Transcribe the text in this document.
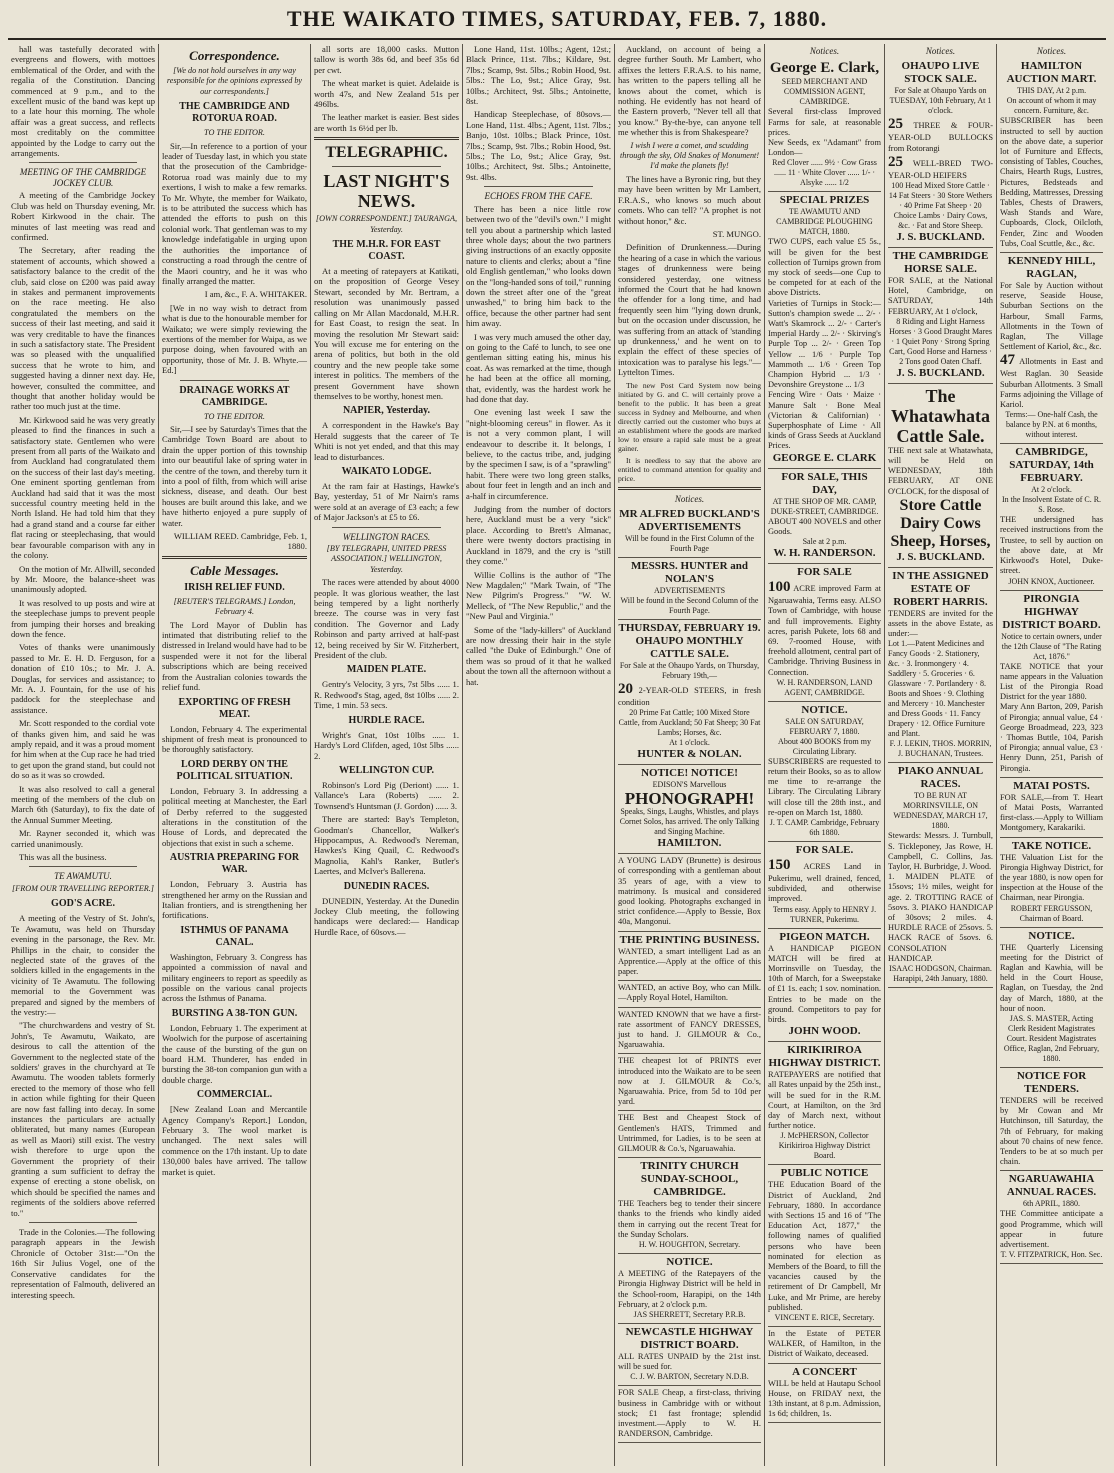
THE WAIKATO TIMES, SATURDAY, FEB. 7, 1880.

hall was tastefully decorated with evergreens and flowers, with mottoes emblematical of the Order, and with the regalia of the Constitution. Dancing commenced at 9 p.m., and to the excellent music of the band was kept up to a late hour this morning. The whole affair was a great success, and reflects most creditably on the committee appointed by the Lodge to carry out the arrangements.

MEETING OF THE CAMBRIDGE JOCKEY CLUB.

A meeting of the Cambridge Jockey Club was held on Thursday evening, Mr. Robert Kirkwood in the chair. The minutes of last meeting was read and confirmed.

The Secretary, after reading the statement of accounts, which showed a satisfactory balance to the credit of the club, said close on £200 was paid away in stakes and permanent improvements on the race meeting. He also congratulated the members on the success of their last meeting, and said it was very creditable to have the finances in such a satisfactory state. The President was so pleased with the unqualified success that he wrote to him, and suggested having a dinner next day. He, however, consulted the committee, and thought that another holiday would be rather too much just at the time.

Mr. Kirkwood said he was very greatly pleased to find the finances in such a satisfactory state. Gentlemen who were present from all parts of the Waikato and from Auckland had congratulated them on the success of their last day's meeting. One eminent sporting gentleman from Auckland had said that it was the most successful country meeting held in the North Island. He had told him that they had a grand stand and a course far either flat racing or steeplechasing, that would bear favourable comparison with any in the colony.

On the motion of Mr. Allwill, seconded by Mr. Moore, the balance-sheet was unanimously adopted.

It was resolved to up posts and wire at the steeplechase jumps to prevent people from jumping their horses and breaking down the fence.

Votes of thanks were unanimously passed to Mr. E. H. D. Ferguson, for a donation of £10 10s.; to Mr. J. A. Douglas, for services and assistance; to Mr. A. J. Fountain, for the use of his paddock for the steeplechase and assistance.

Mr. Scott responded to the cordial vote of thanks given him, and said he was amply repaid, and it was a proud moment for him when at the Cup race he had tried to get upon the grand stand, but could not do so as it was so crowded.

It was also resolved to call a general meeting of the members of the club on March 6th (Saturday), to fix the date of the Annual Summer Meeting.

Mr. Rayner seconded it, which was carried unanimously.

This was all the business.

TE AWAMUTU.
[FROM OUR TRAVELLING REPORTER.]
GOD'S ACRE.

A meeting of the Vestry of St. John's, Te Awamutu, was held on Thursday evening in the parsonage, the Rev. Mr. Phillips in the chair, to consider the neglected state of the graves of the soldiers killed in the engagements in the vicinity of Te Awamutu. The following memorial to the Government was prepared and signed by the members of the vestry:—

"The churchwardens and vestry of St. John's, Te Awamutu, Waikato, are desirous to call the attention of the Government to the neglected state of the soldiers' graves in the churchyard at Te Awamutu. The wooden tablets formerly erected to the memory of those who fell in action while fighting for their Queen are now fast falling into decay. In some instances the particulars are actually obliterated, but many names (European as well as Maori) still exist. The vestry wish therefore to urge upon the Government the propriety of their granting a sum sufficient to defray the expense of erecting a stone obelisk, on which should be specified the names and regiments of the soldiers above referred to."

Trade in the Colonies.—The following paragraph appears in the Jewish Chronicle of October 31st:—"On the 16th Sir Julius Vogel, one of the Conservative candidates for the representation of Falmouth, delivered an interesting speech.

Correspondence.
[We do not hold ourselves in any way responsible for the opinions expressed by our correspondents.]
THE CAMBRIDGE AND ROTORUA ROAD.
TO THE EDITOR.

Sir,—In reference to a portion of your leader of Tuesday last, in which you state that the prosecution of the Cambridge-Rotorua road was mainly due to my exertions, I wish to make a few remarks. To Mr. Whyte, the member for Waikato, is to be attributed the success which has attended the efforts to push on this colonial work. That gentleman was to my knowledge indefatigable in urging upon the authorities the importance of constructing a road through the centre of the Maori country, and he it was who finally arranged the matter.

I am, &c., F. A. WHITAKER.

[We in no way wish to detract from what is due to the honourable member for Waikato; we were simply reviewing the exertions of the member for Waipa, as we purpose doing, when favoured with an opportunity, those of Mr. J. B. Whyte.—Ed.]

DRAINAGE WORKS AT CAMBRIDGE.
TO THE EDITOR.

Sir,—I see by Saturday's Times that the Cambridge Town Board are about to drain the upper portion of this township into our beautiful lake of spring water in the centre of the town, and thereby turn it into a pool of filth, from which will arise sickness, disease, and death. Our best houses are built around this lake, and we have hitherto enjoyed a pure supply of water.

WILLIAM REED. Cambridge, Feb. 1, 1880.

Cable Messages.
IRISH RELIEF FUND.
[REUTER'S TELEGRAMS.] London, February 4.

The Lord Mayor of Dublin has intimated that distributing relief to the distressed in Ireland would have had to be suspended were it not for the liberal subscriptions which are being received from the Australian colonies towards the relief fund.

EXPORTING OF FRESH MEAT.

London, February 4. The experimental shipment of fresh meat is pronounced to be thoroughly satisfactory.

LORD DERBY ON THE POLITICAL SITUATION.

London, February 3. In addressing a political meeting at Manchester, the Earl of Derby referred to the suggested alterations in the constitution of the House of Lords, and deprecated the objections that exist in such a scheme.

AUSTRIA PREPARING FOR WAR.

London, February 3. Austria has strengthened her army on the Russian and Italian frontiers, and is strengthening her fortifications.

ISTHMUS OF PANAMA CANAL.

Washington, February 3. Congress has appointed a commission of naval and military engineers to report as speedily as possible on the various canal projects across the Isthmus of Panama.

BURSTING A 38-TON GUN.

London, February 1. The experiment at Woolwich for the purpose of ascertaining the cause of the bursting of the gun on board H.M. Thunderer, has ended in bursting the 38-ton companion gun with a double charge.

COMMERCIAL.

[New Zealand Loan and Mercantile Agency Company's Report.] London, February 3. The wool market is unchanged. The next sales will commence on the 17th instant. Up to date 130,000 bales have arrived. The tallow market is quiet.

all sorts are 18,000 casks. Mutton tallow is worth 38s 6d, and beef 35s 6d per cwt.

The wheat market is quiet. Adelaide is worth 47s, and New Zealand 51s per 496lbs.

The leather market is easier. Best sides are worth 1s 6½d per lb.

TELEGRAPHIC.
LAST NIGHT'S NEWS.
[OWN CORRESPONDENT.] TAURANGA, Yesterday.
THE M.H.R. FOR EAST COAST.

At a meeting of ratepayers at Katikati, on the proposition of George Vesey Stewart, seconded by Mr. Bertram, a resolution was unanimously passed calling on Mr Allan Macdonald, M.H.R. for East Coast, to resign the seat. In moving the resolution Mr Stewart said: You will excuse me for entering on the arena of politics, but both in the old country and the new people take some interest in politics. The members of the present Government have shown themselves to be worthy, honest men.

NAPIER, Yesterday.

A correspondent in the Hawke's Bay Herald suggests that the career of Te Whiti is not yet ended, and that this may lead to disturbances.

WAIKATO LODGE.

At the ram fair at Hastings, Hawke's Bay, yesterday, 51 of Mr Nairn's rams were sold at an average of £3 each; a few of Major Jackson's at £5 to £6.

WELLINGTON RACES.
[BY TELEGRAPH, UNITED PRESS ASSOCIATION.] WELLINGTON, Yesterday.

The races were attended by about 4000 people. It was glorious weather, the last being tempered by a light northerly breeze. The course was in very fast condition. The Governor and Lady Robinson and party arrived at half-past 12, being received by Sir W. Fitzherbert, President of the club.

MAIDEN PLATE.

Gentry's Velocity, 3 yrs, 7st 5lbs ...... 1. R. Redwood's Stag, aged, 8st 10lbs ...... 2. Time, 1 min. 53 secs.

HURDLE RACE.

Wright's Gnat, 10st 10lbs ...... 1. Hardy's Lord Clifden, aged, 10st 5lbs ...... 2.

WELLINGTON CUP.

Robinson's Lord Pig (Deriont) ...... 1. Vallance's Lara (Roberts) ...... 2. Townsend's Huntsman (J. Gordon) ...... 3.

There are started: Bay's Templeton, Goodman's Chancellor, Walker's Hippocampus, A. Redwood's Nereman, Hawkes's King Quail, C. Redwood's Magnolia, Kahl's Ranker, Butler's Laertes, and McIver's Ballerena.

DUNEDIN RACES.

DUNEDIN, Yesterday. At the Dunedin Jockey Club meeting, the following handicaps were declared:— Handicap Hurdle Race, of 60sovs.—

Lone Hand, 11st. 10lbs.; Agent, 12st.; Black Prince, 11st. 7lbs.; Kildare, 9st. 7lbs.; Scamp, 9st. 5lbs.; Robin Hood, 9st. 5lbs.: The Lo, 9st.; Alice Gray, 9st. 10lbs.; Architect, 9st. 5lbs.; Antoinette, 8st.

Handicap Steeplechase, of 80sovs.— Lone Hand, 11st. 4lbs.; Agent, 11st. 7lbs.; Banjo, 10st. 10lbs.; Black Prince, 10st. 7lbs.; Scamp, 9st. 7lbs.; Robin Hood, 9st. 5lbs.; The Lo, 9st.; Alice Gray, 9st. 10lbs.; Architect, 9st. 5lbs.; Antoinette, 9st. 4lbs.

ECHOES FROM THE CAFE.

There has been a nice little row between two of the "devil's own." I might tell you about a partnership which lasted three whole days; about the two partners giving instructions of an exactly opposite nature to clients and clerks; about a "fine old English gentleman," who looks down on the "long-handed sons of toil," running down the street after one of the "great unwashed," to bring him back to the office, because the other partner had sent him away.

I was very much amused the other day, on going to the Café to lunch, to see one gentleman sitting eating his, minus his coat. As was remarked at the time, though he had been at the office all morning, that, evidently, was the hardest work he had done that day.

One evening last week I saw the "night-blooming cereus" in flower. As it is not a very common plant, I will endeavour to describe it. It belongs, I believe, to the cactus tribe, and, judging by the specimen I saw, is of a "sprawling" habit. There were two long green stalks, about four feet in length and an inch and a-half in circumference.

Judging from the number of doctors here, Auckland must be a very "sick" place. According to Brett's Almanac, there were twenty doctors practising in Auckland in 1879, and the cry is "still they come."

Willie Collins is the author of "The New Magdalen;" "Mark Twain, of "The New Pilgrim's Progress." "W. W. Melleck, of "The New Republic," and the "New Paul and Virginia."

Some of the "lady-killers" of Auckland are now dressing their hair in the style called "the Duke of Edinburgh." One of them was so proud of it that he walked about the town all the afternoon without a hat.

Auckland, on account of being a degree further South. Mr Lambert, who affixes the letters F.R.A.S. to his name, has written to the papers telling all he knows about the comet, which is nothing. He evidently has not heard of the Eastern proverb, "Never tell all that you know." By-the-bye, can anyone tell me whether this is from Shakespeare?

I wish I were a comet, and scudding through the sky, Old Snakes of Monument! I'd make the planets fly!

The lines have a Byronic ring, but they may have been written by Mr Lambert, F.R.A.S., who knows so much about comets. Who can tell? "A prophet is not without honor," &c.

ST. MUNGO.

Definition of Drunkenness.—During the hearing of a case in which the various stages of drunkenness were being considered yesterday, one witness informed the Court that he had known the offender for a long time, and had frequently seen him "lying down drunk, but on the occasion under discussion, he was suffering from an attack of 'standing up drunkenness,' and he went on to explain the effect of these species of intoxication was to paralyse his legs."—Lyttelton Times.

The new Post Card System now being initiated by G. and C. will certainly prove a benefit to the public. It has been a great success in Sydney and Melbourne, and when directly carried out the customer who buys at an establishment where the goods are marked low to ensure a rapid sale must be a great gainer.

It is needless to say that the above are entitled to command attention for quality and price.

Notices.
MR ALFRED BUCKLAND'S ADVERTISEMENTS
Will be found in the First Column of the Fourth Page
MESSRS. HUNTER and NOLAN'S
ADVERTISEMENTS
Will be found in the Second Column of the Fourth Page.
THURSDAY, FEBRUARY 19.
OHAUPO MONTHLY CATTLE SALE.
For Sale at the Ohaupo Yards, on Thursday, February 19th,—
20 2-YEAR-OLD STEERS, in fresh condition
20 Prime Fat Cattle; 100 Mixed Store Cattle, from Auckland; 50 Fat Sheep; 30 Fat Lambs; Horses, &c.
At 1 o'clock.
HUNTER & NOLAN.
NOTICE! NOTICE!
EDISON'S Marvellous
PHONOGRAPH!
Speaks, Sings, Laughs, Whistles, and plays Cornet Solos, has arrived. The only Talking and Singing Machine.
HAMILTON.
A YOUNG LADY (Brunette) is desirous of corresponding with a gentleman about 35 years of age, with a view to matrimony. Is musical and considered good looking. Photographs exchanged in strict confidence.—Apply to Bessie, Box 40a, Mangonui.
THE PRINTING BUSINESS.
WANTED, a smart intelligent Lad as an Apprentice.—Apply at the office of this paper.
WANTED, an active Boy, who can Milk.—Apply Royal Hotel, Hamilton.
WANTED KNOWN that we have a first-rate assortment of FANCY DRESSES, just to hand. J. GILMOUR & Co., Ngaruawahia.
THE cheapest lot of PRINTS ever introduced into the Waikato are to be seen now at J. GILMOUR & Co.'s, Ngaruawahia. Price, from 5d to 10d per yard.
THE Best and Cheapest Stock of Gentlemen's HATS, Trimmed and Untrimmed, for Ladies, is to be seen at GILMOUR & Co.'s, Ngaruawahia.
TRINITY CHURCH SUNDAY-SCHOOL, CAMBRIDGE.
THE Teachers beg to tender their sincere thanks to the friends who kindly aided them in carrying out the recent Treat for the Sunday Scholars.
H. W. HOUGHTON, Secretary.
NOTICE.
A MEETING of the Ratepayers of the Pirongia Highway District will be held in the School-room, Harapipi, on the 14th February, at 2 o'clock p.m.
JAS SHERRETT, Secretary P.R.B.
NEWCASTLE HIGHWAY DISTRICT BOARD.
ALL RATES UNPAID by the 21st inst. will be sued for.
C. J. W. BARTON, Secretary N.D.B.
FOR SALE Cheap, a first-class, thriving business in Cambridge with or without stock; £1 fast frontage; splendid investment.—Apply to W. H. RANDERSON, Cambridge.
Notices.
George E. Clark,
SEED MERCHANT AND COMMISSION AGENT, CAMBRIDGE.
Several first-class Improved Farms for sale, at reasonable prices.
New Seeds, ex "Adamant" from London—
Red Clover ...... 9½ · Cow Grass ...... 11 · White Clover ...... 1/- · Alsyke ...... 1/2
SPECIAL PRIZES
TE AWAMUTU AND CAMBRIDGE PLOUGHING MATCH, 1880.
TWO CUPS, each value £5 5s., will be given for the best collection of Turnips grown from my stock of seeds—one Cup to be competed for at each of the above Districts.
Varieties of Turnips in Stock:— Sutton's champion swede ... 2/- · Watt's Skamrock ... 2/- · Carter's Imperial Hardy ... 2/- · Skirving's Purple Top ... 2/- · Green Top Yellow ... 1/6 · Purple Top Mammoth ... 1/6 · Green Top Champion Hybrid ... 1/3 · Devonshire Greystone ... 1/3
Fencing Wire · Oats · Maize · Manure Salt · Bone Meal (Victorian & Californian) · Superphosphate of Lime · All kinds of Grass Seeds at Auckland Prices.
GEORGE E. CLARK
FOR SALE, THIS DAY,
AT THE SHOP OF MR. CAMP, DUKE-STREET, CAMBRIDGE.
ABOUT 400 NOVELS and other Goods.
Sale at 2 p.m.
W. H. RANDERSON.
FOR SALE
100 ACRE improved Farm at Ngaruawahia, Terms easy. ALSO Town of Cambridge, with house and full improvements. Eighty acres, parish Pukete, lots 68 and 69. 7-roomed House, with freehold allotment, central part of Cambridge. Thriving Business in Connection.
W. H. RANDERSON, LAND AGENT, CAMBRIDGE.
NOTICE.
SALE ON SATURDAY, FEBRUARY 7, 1880.
About 400 BOOKS from my Circulating Library.
SUBSCRIBERS are requested to return their Books, so as to allow me time to re-arrange the Library. The Circulating Library will close till the 28th inst., and re-open on March 1st, 1880.
J. T. CAMP. Cambridge, February 6th 1880.
FOR SALE.
150 ACRES Land in Pukerimu, well drained, fenced, subdivided, and otherwise improved.
Terms easy. Apply to HENRY J. TURNER, Pukerimu.
PIGEON MATCH.
A HANDICAP PIGEON MATCH will be fired at Morrinsville on Tuesday, the 10th of March, for a Sweepstake of £1 1s. each; 1 sov. nomination. Entries to be made on the ground. Competitors to pay for birds.
JOHN WOOD.
KIRIKIRIROA HIGHWAY DISTRICT.
RATEPAYERS are notified that all Rates unpaid by the 25th inst., will be sued for in the R.M. Court, at Hamilton, on the 3rd day of March next, without further notice.
J. McPHERSON, Collector Kirikiriroa Highway District Board.
PUBLIC NOTICE
THE Education Board of the District of Auckland, 2nd February, 1880. In accordance with Sections 15 and 16 of "The Education Act, 1877," the following names of qualified persons who have been nominated for election as Members of the Board, to fill the vacancies caused by the retirement of Dr Campbell, Mr Luke, and Mr Prime, are hereby published.
VINCENT E. RICE, Secretary.
In the Estate of PETER WALKER, of Hamilton, in the District of Waikato, deceased.
A CONCERT
WILL be held at Hautapu School House, on FRIDAY next, the 13th instant, at 8 p.m. Admission, 1s 6d; children, 1s.
Notices.
OHAUPO LIVE STOCK SALE.
For Sale at Ohaupo Yards on TUESDAY, 10th February, At 1 o'clock.
25 THREE & FOUR-YEAR-OLD BULLOCKS from Rotorangi
25 WELL-BRED TWO-YEAR-OLD HEIFERS
100 Head Mixed Store Cattle · 14 Fat Steers · 30 Store Wethers · 40 Prime Fat Sheep · 20 Choice Lambs · Dairy Cows, &c. · Fat and Store Sheep.
J. S. BUCKLAND.
THE CAMBRIDGE HORSE SALE.
FOR SALE, at the National Hotel, Cambridge, on SATURDAY, 14th FEBRUARY, At 1 o'clock,
8 Riding and Light Harness Horses · 3 Good Draught Mares · 1 Quiet Pony · Strong Spring Cart, Good Horse and Harness · 2 Tons good Oaten Chaff.
J. S. BUCKLAND.
The Whatawhata Cattle Sale.
THE next sale at Whatawhata, will be Held on WEDNESDAY, 18th FEBRUARY, AT ONE O'CLOCK, for the disposal of
Store Cattle Dairy Cows Sheep, Horses,
J. S. BUCKLAND.
IN THE ASSIGNED ESTATE OF ROBERT HARRIS.
TENDERS are invited for the assets in the above Estate, as under:—
Lot 1.—Patent Medicines and Fancy Goods · 2. Stationery, &c. · 3. Ironmongery · 4. Saddlery · 5. Groceries · 6. Glassware · 7. Portlandery · 8. Boots and Shoes · 9. Clothing and Mercery · 10. Manchester and Dress Goods · 11. Fancy Drapery · 12. Office Furniture and Plant.
F. J. LEKIN, THOS. MORRIN, J. BUCHANAN, Trustees.
PIAKO ANNUAL RACES.
TO BE RUN AT MORRINSVILLE, ON WEDNESDAY, MARCH 17, 1880.
Stewards: Messrs. J. Turnbull, S. Tickleponey, Jas Rowe, H. Campbell, C. Collins, Jas. Taylor, H. Burbridge, J. Wood.
1. MAIDEN PLATE of 15sovs; 1½ miles, weight for age. 2. TROTTING RACE of 5sovs. 3. PIAKO HANDICAP of 30sovs; 2 miles. 4. HURDLE RACE of 25sovs. 5. HACK RACE of 5sovs. 6. CONSOLATION HANDICAP.
ISAAC HODGSON, Chairman. Harapipi, 24th January, 1880.
Notices.
HAMILTON AUCTION MART.
THIS DAY, At 2 p.m.
On account of whom it may concern. Furniture, &c.
SUBSCRIBER has been instructed to sell by auction on the above date, a superior lot of Furniture and Effects, consisting of Tables, Couches, Chairs, Hearth Rugs, Lustres, Pictures, Bedsteads and Bedding, Mattresses, Dressing Tables, Chests of Drawers, Wash Stands and Ware, Cupboards, Clock, Oilcloth, Fender, Zinc and Wooden Tubs, Coal Scuttle, &c., &c.
KENNEDY HILL,
RAGLAN,
For Sale by Auction without reserve, Seaside House, Suburban Sections on the Harbour, Small Farms, Allotments in the Town of Raglan, The Village Settlement of Kariol, &c., &c.
47 Allotments in East and West Raglan. 30 Seaside Suburban Allotments. 3 Small Farms adjoining the Village of Kariol.
Terms:— One-half Cash, the balance by P.N. at 6 months, without interest.
CAMBRIDGE, SATURDAY, 14th FEBRUARY.
At 2 o'clock.
In the Insolvent Estate of C. R. S. Rose.
THE undersigned has received instructions from the Trustee, to sell by auction on the above date, at Mr Kirkwood's Hotel, Duke-street.
JOHN KNOX, Auctioneer.
PIRONGIA HIGHWAY DISTRICT BOARD.
Notice to certain owners, under the 12th Clause of "The Rating Act, 1876."
TAKE NOTICE that your name appears in the Valuation List of the Pirongia Road District for the year 1880.
Mary Ann Barton, 209, Parish of Pirongia; annual value, £4 · George Broadmead, 223, 323 · Thomas Buttle, 104, Parish of Pirongia; annual value, £3 · Henry Dunn, 251, Parish of Pirongia.
MATAI POSTS.
FOR SALE,—from T. Heart of Matai Posts, Warranted first-class.—Apply to William Montgomery, Karakariki.
TAKE NOTICE.
THE Valuation List for the Pirongia Highway District, for the year 1880, is now open for inspection at the House of the Chairman, near Pirongia.
ROBERT FERGUSSON, Chairman of Board.
NOTICE.
THE Quarterly Licensing meeting for the District of Raglan and Kawhia, will be held in the Court House, Raglan, on Tuesday, the 2nd day of March, 1880, at the hour of noon.
JAS. S. MASTER, Acting Clerk Resident Magistrates Court. Resident Magistrates Office, Raglan, 2nd February, 1880.
NOTICE FOR TENDERS.
TENDERS will be received by Mr Cowan and Mr Hutchinson, till Saturday, the 7th of February, for making about 70 chains of new fence. Tenders to be at so much per chain.
NGARUAWAHIA ANNUAL RACES.
6th APRIL, 1880.
THE Committee anticipate a good Programme, which will appear in future advertisement.
T. V. FITZPATRICK, Hon. Sec.
